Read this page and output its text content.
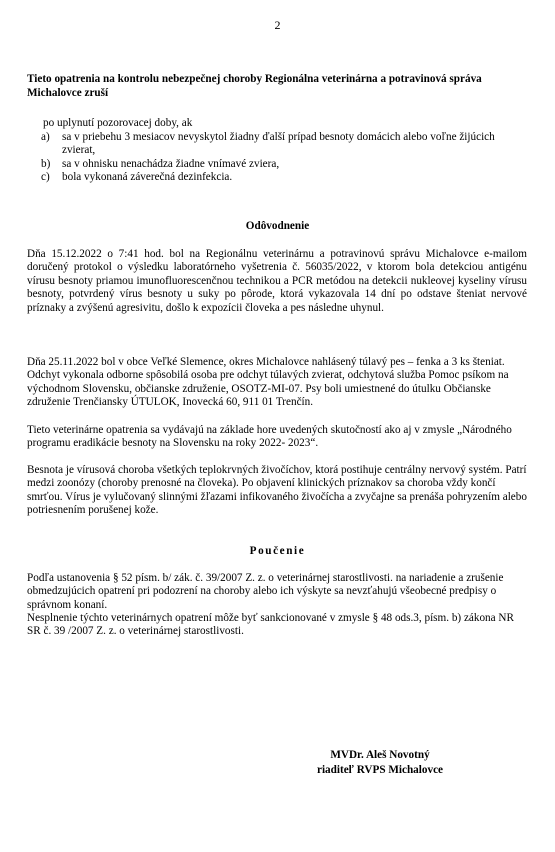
2
Tieto opatrenia na kontrolu nebezpečnej choroby Regionálna veterinárna a potravinová správa Michalovce zruší
po uplynutí pozorovacej doby, ak
a) sa v priebehu 3 mesiacov nevyskytol žiadny ďalší prípad besnoty domácich alebo voľne žijúcich zvierat,
b) sa v ohnisku nenachádza žiadne vnímavé zviera,
c) bola vykonaná záverečná dezinfekcia.
Odôvodnenie
Dňa 15.12.2022 o 7:41 hod. bol na Regionálnu veterinárnu a potravinovú správu Michalovce e-mailom doručený protokol o výsledku laboratórneho vyšetrenia č. 56035/2022, v ktorom bola detekciou antigénu vírusu besnoty priamou imunofluorescenčnou technikou a PCR metódou na detekcii nukleovej kyseliny vírusu besnoty, potvrdený vírus besnoty u suky po pôrode, ktorá vykazovala 14 dní po odstave šteniat nervové príznaky a zvýšenú agresivitu, došlo k expozícii človeka a pes následne uhynul.
Dňa 25.11.2022 bol v obce Veľké Slemence, okres Michalovce nahlásený túlavý pes – fenka a 3 ks šteniat. Odchyt vykonala odborne spôsobilá osoba pre odchyt túlavých zvierat, odchytová služba Pomoc psíkom na východnom Slovensku, občianske združenie, OSOTZ-MI-07. Psy boli umiestnené do útulku Občianske združenie Trenčiansky ÚTULOK, Inovecká 60, 911 01 Trenčín.
Tieto veterinárne opatrenia sa vydávajú na základe hore uvedených skutočností ako aj v zmysle „Národného programu eradikácie besnoty na Slovensku na roky 2022- 2023“.
Besnota je vírusová choroba všetkých teplokrvných živočíchov, ktorá postihuje centrálny nervový systém. Patrí medzi zoonózy (choroby prenosné na človeka). Po objavení klinických príznakov sa choroba vždy končí smrťou. Vírus je vylučovaný slinnými žľazami infikovaného živočícha a zvyčajne sa prenáša pohryzením alebo potriesnením porušenej kože.
Poučenie
Podľa ustanovenia § 52 písm. b/ zák. č. 39/2007 Z. z. o veterinárnej starostlivosti. na nariadenie a zrušenie obmedzujúcich opatrení pri podozrení na choroby alebo ich výskyte sa nevzťahujú všeobecné predpisy o správnom konaní.
Nesplnenie týchto veterinárnych opatrení môže byť sankcionované v zmysle § 48 ods.3, písm. b) zákona NR SR č. 39 /2007 Z. z. o veterinárnej starostlivosti.
MVDr. Aleš Novotný
riaditeľ RVPS Michalovce
